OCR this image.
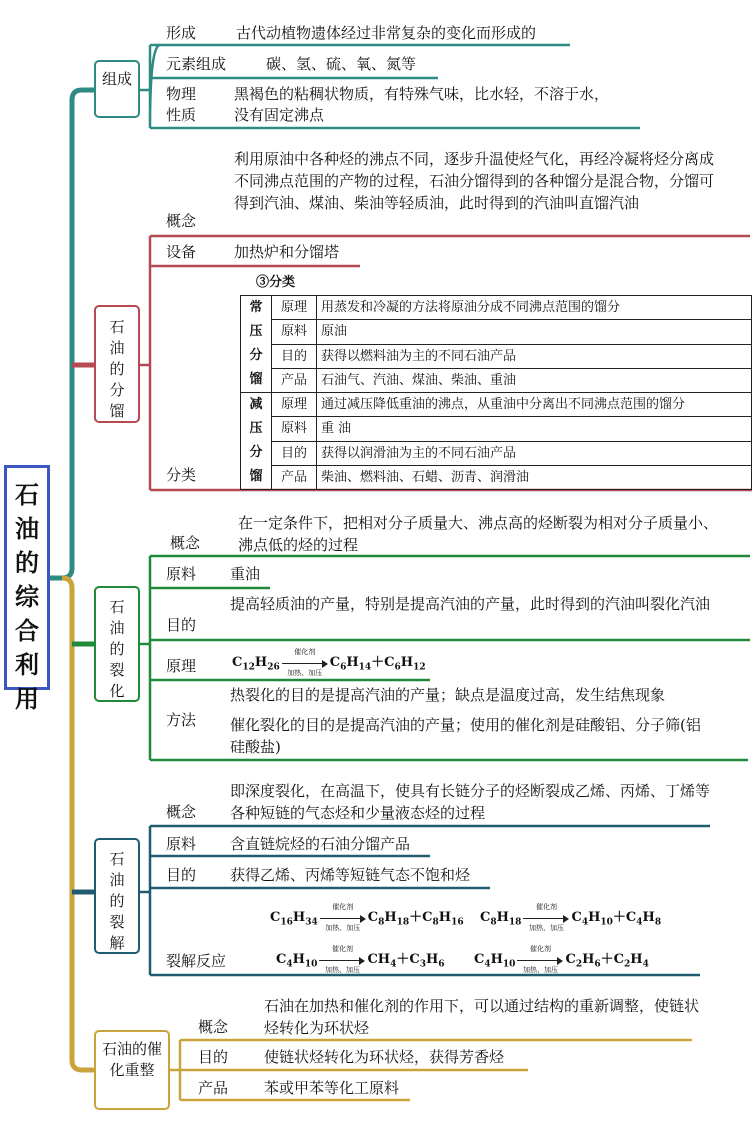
石油的综合利用
组成
形成	古代动植物遗体经过非常复杂的变化而形成的
元素组成	碳、氢、硫、氧、氮等
物理
性质
黑褐色的粘稠状物质，有特殊气味，比水轻，不溶于水，
没有固定沸点
石油的分馏
概念
利用原油中各种烃的沸点不同，逐步升温使烃气化，再经冷凝将烃分离成不同沸点范围的产物的过程，石油分馏得到的各种馏分是混合物，分馏可得到汽油、煤油、柴油等轻质油，此时得到的汽油叫直馏汽油
设备	加热炉和分馏塔
③分类
分类
常压分馏	原理	用蒸发和冷凝的方法将原油分成不同沸点范围的馏分
	原料	原油
	目的	获得以燃料油为主的不同石油产品
	产品	石油气、汽油、煤油、柴油、重油
减压分馏	原理	通过减压降低重油的沸点，从重油中分离出不同沸点范围的馏分
	原料	重 油
	目的	获得以润滑油为主的不同石油产品
	产品	柴油、燃料油、石蜡、沥青、润滑油
石油的裂化
概念
在一定条件下，把相对分子质量大、沸点高的烃断裂为相对分子质量小、沸点低的烃的过程
原料 重油
目的
提高轻质油的产量，特别是提高汽油的产量，此时得到的汽油叫裂化汽油
原理	$C_{12}H_{26}$
催化剂
加热、加压
$C_6H_{14}+C_6H_{12}$
方法
热裂化的目的是提高汽油的产量；缺点是温度过高，发生结焦现象
催化裂化的目的是提高汽油的产量；使用的催化剂是硅酸铝、分子筛(铝硅酸盐)
石油的裂解
概念
即深度裂化，在高温下，使具有长链分子的烃断裂成乙烯、丙烯、丁烯等各种短链的气态烃和少量液态烃的过程
原料 含直链烷烃的石油分馏产品
目的 获得乙烯、丙烯等短链气态不饱和烃
裂解反应
$C_{16}H_{34}$
催化剂
加热、加压
$C_8H_{18}+C_8H_{16}$ $C_8H_{18}$
催化剂
加热、加压
$C_4H_{10}+C_4H_8$
$C_4H_{10}$
催化剂
加热、加压
$CH_4+C_3H_6$ $C_4H_{10}$
催化剂
加热、加压
$C_2H_6+C_2H_4$
石油的催化重整
概念
石油在加热和催化剂的作用下，可以通过结构的重新调整，使链状烃转化为环状烃
目的 使链状烃转化为环状烃，获得芳香烃
产品 苯或甲苯等化工原料
